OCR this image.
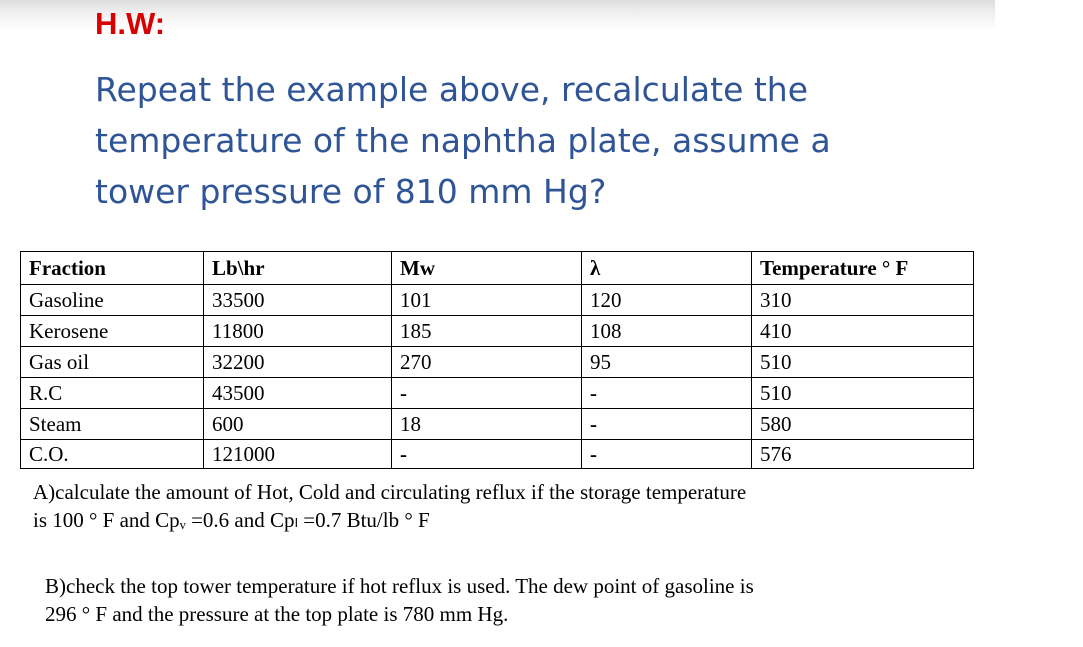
H.W:

Repeat the example above, recalculate the
temperature of the naphtha plate, assume a
tower pressure of 810 mm Hg?

Fraction	Lb\hr	Mw	λ	Temperature ° F
Gasoline	33500	101	120	310
Kerosene	11800	185	108	410
Gas oil	32200	270	95	510
R.C	43500	-	-	510
Steam	600	18	-	580
C.O.	121000	-	-	576

A)calculate the amount of Hot, Cold and circulating reflux if the storage temperature
is 100 ° F and Cpᵥ =0.6 and Cpₗ =0.7 Btu/lb ° F

B)check the top tower temperature if hot reflux is used. The dew point of gasoline is
296 ° F and the pressure at the top plate is 780 mm Hg.
